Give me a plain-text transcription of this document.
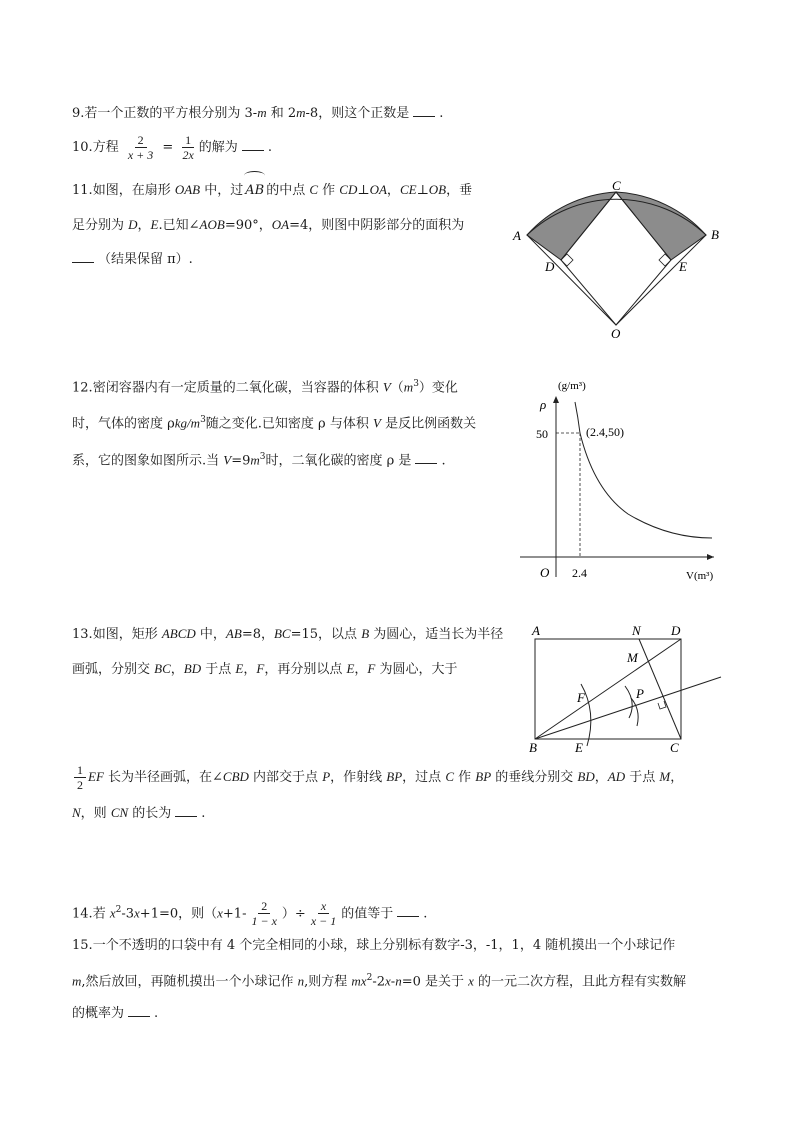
9.若一个正数的平方根分别为 3-m 和 2m-8，则这个正数是 .
10.方程 $\frac{2}{x + 3} = \frac{1}{2x}$ 的解为 .
11.如图，在扇形 OAB 中，过 AB 的中点 C 作 CD⊥OA，CE⊥OB，垂
足分别为 D，E.已知∠AOB=90°，OA=4，则图中阴影部分的面积为
（结果保留 π）.
A	B
C
D	E
O
12.密闭容器内有一定质量的二氧化碳，当容器的体积 $V(m^3)$变化
时，气体的密度 ρkg/$m^3$随之变化.已知密度 ρ 与体积 V 是反比例函数关
系，它的图象如图所示.当 $V=9m^3$时，二氧化碳的密度 ρ 是 .
(g/m³)
ρ
V(m³)
O
50
2.4
(2.4,50)
13.如图，矩形 ABCD 中，AB=8，BC=15，以点 B 为圆心，适当长为半径
画弧，分别交 BC，BD 于点 E，F，再分别以点 E，F 为圆心，大于
$\frac{1}{2}$ EF 长为半径画弧，在∠CBD 内部交于点 P，作射线 BP，过点 C 作 BP 的垂线分别交 BD，AD 于点 M，
N，则 CN 的长为 .
A	N D
M
F	P
B	E	C
14.若 $x^2-3x+1=0$，则（$x+1- \frac{2}{1 - x}$ ）÷ $\frac{x}{x - 1}$ 的值等于 .
15.一个不透明的口袋中有 4 个完全相同的小球，球上分别标有数字-3，-1，1，4 随机摸出一个小球记作
m,然后放回，再随机摸出一个小球记作 n,则方程 $mx^2-2x-n=0$ 是关于 x 的一元二次方程，且此方程有实数解
的概率为 .
